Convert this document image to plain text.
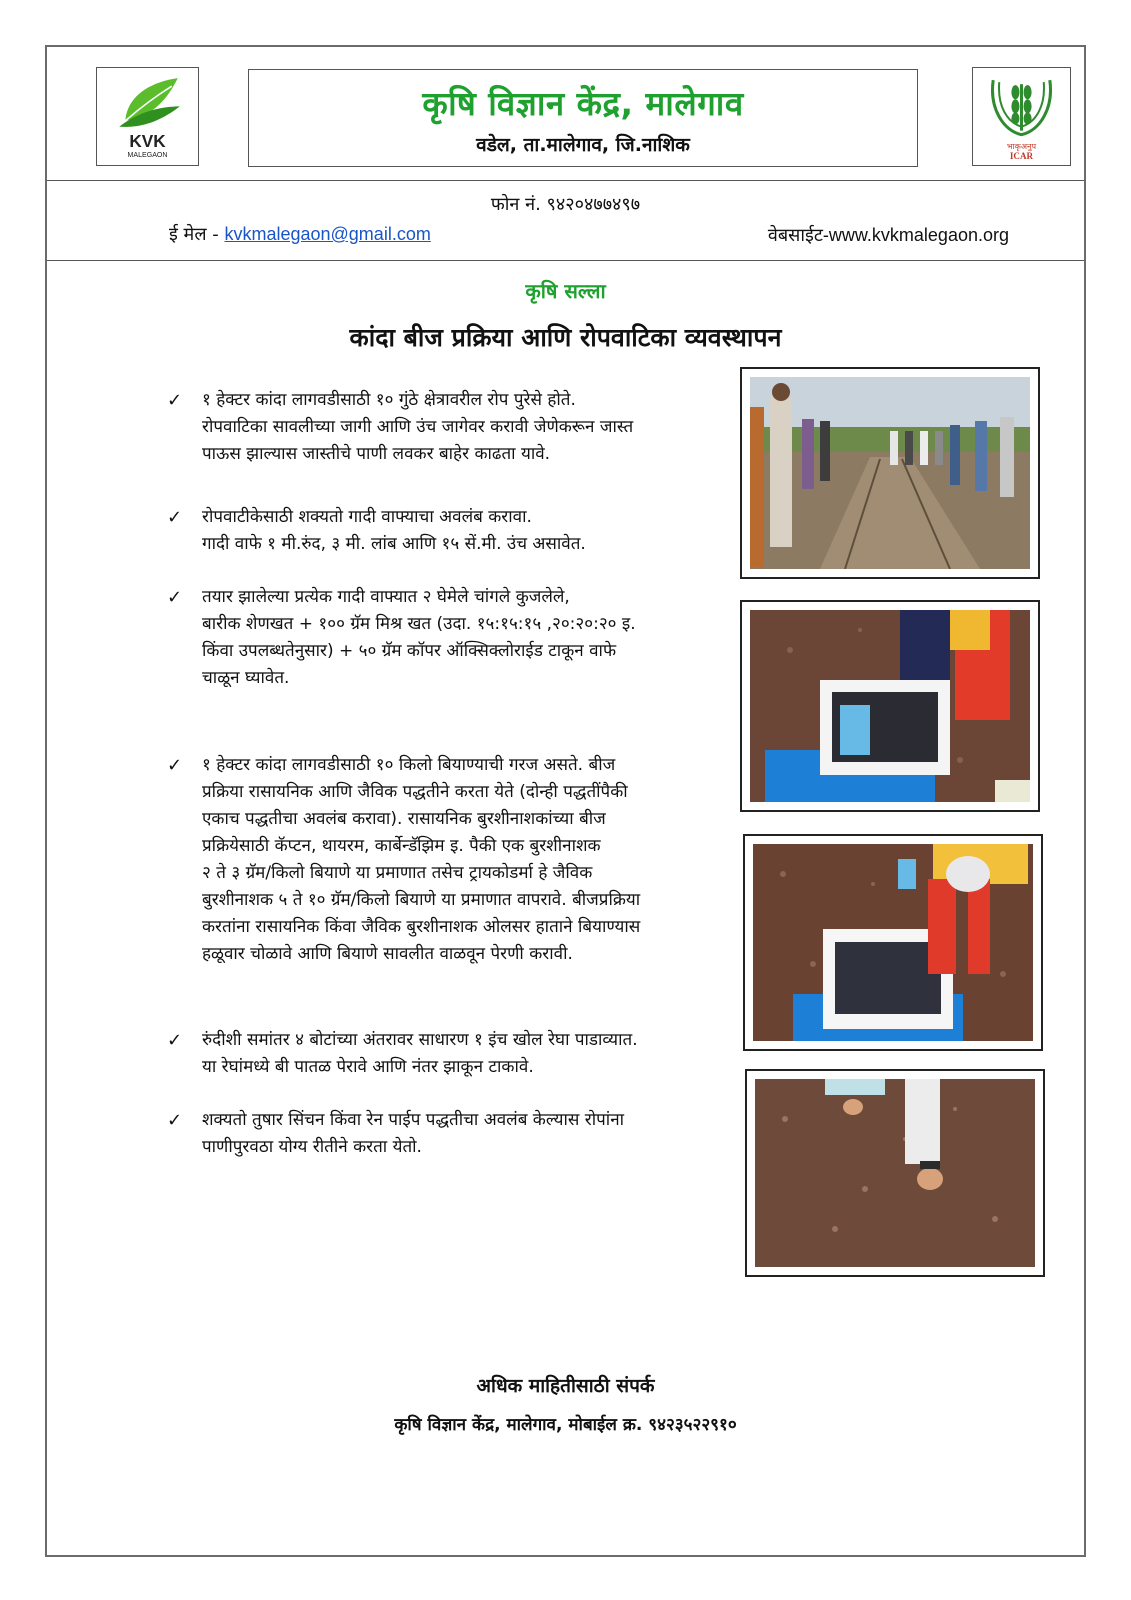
KVK
MALEGAON
कृषि विज्ञान केंद्र, मालेगाव
वडेल, ता.मालेगाव, जि.नाशिक	भाकृअनुप
ICAR
फोन नं. ९४२०४७७४९७
ई मेल - kvkmalegaon@gmail.com	वेबसाईट-www.kvkmalegaon.org
कृषि सल्ला
कांदा बीज प्रक्रिया आणि रोपवाटिका व्यवस्थापन
✓ १ हेक्टर कांदा लागवडीसाठी १० गुंठे क्षेत्रावरील रोप पुरेसे होते.
रोपवाटिका सावलीच्या जागी आणि उंच जागेवर करावी जेणेकरून जास्त
पाऊस झाल्यास जास्तीचे पाणी लवकर बाहेर काढता यावे.
✓ रोपवाटीकेसाठी शक्यतो गादी वाफ्याचा अवलंब करावा.
गादी वाफे १ मी.रुंद, ३ मी. लांब आणि १५ सें.मी. उंच असावेत.
✓ तयार झालेल्या प्रत्येक गादी वाफ्यात २ घेमेले चांगले कुजलेले,
बारीक शेणखत + १०० ग्रॅम मिश्र खत (उदा. १५:१५:१५ ,२०:२०:२० इ.
किंवा उपलब्धतेनुसार) + ५० ग्रॅम कॉपर ऑक्सिक्लोराईड टाकून वाफे
चाळून घ्यावेत.
✓ १ हेक्टर कांदा लागवडीसाठी १० किलो बियाण्याची गरज असते. बीज
प्रक्रिया रासायनिक आणि जैविक पद्धतीने करता येते (दोन्ही पद्धतींपैकी
एकाच पद्धतीचा अवलंब करावा). रासायनिक बुरशीनाशकांच्या बीज
प्रक्रियेसाठी कॅप्टन, थायरम, कार्बेन्डॅझिम इ. पैकी एक बुरशीनाशक
२ ते ३ ग्रॅम/किलो बियाणे या प्रमाणात तसेच ट्रायकोडर्मा हे जैविक
बुरशीनाशक ५ ते १० ग्रॅम/किलो बियाणे या प्रमाणात वापरावे. बीजप्रक्रिया
करतांना रासायनिक किंवा जैविक बुरशीनाशक ओलसर हाताने बियाण्यास
हळूवार चोळावे आणि बियाणे सावलीत वाळवून पेरणी करावी.
✓ रुंदीशी समांतर ४ बोटांच्या अंतरावर साधारण १ इंच खोल रेघा पाडाव्यात.
या रेघांमध्ये बी पातळ पेरावे आणि नंतर झाकून टाकावे.
✓ शक्यतो तुषार सिंचन किंवा रेन पाईप पद्धतीचा अवलंब केल्यास रोपांना
पाणीपुरवठा योग्य रीतीने करता येतो.
अधिक माहितीसाठी संपर्क
कृषि विज्ञान केंद्र, मालेगाव, मोबाईल क्र. ९४२३५२२९१०
